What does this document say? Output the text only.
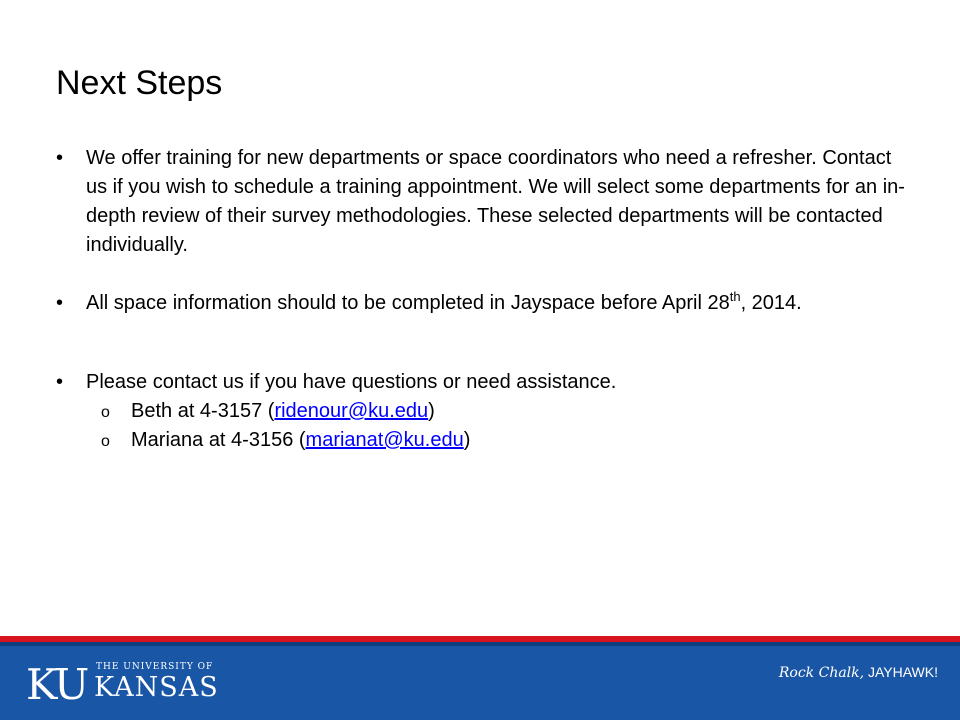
Next Steps
• We offer training for new departments or space coordinators who need a refresher. Contact us if you wish to schedule a training appointment. We will select some departments for an in-depth review of their survey methodologies. These selected departments will be contacted individually.
• All space information should to be completed in Jayspace before April 28th, 2014.
• Please contact us if you have questions or need assistance.
o Beth at 4-3157 (ridenour@ku.edu)
o Mariana at 4-3156 (marianat@ku.edu)
KU THE UNIVERSITY OF
KANSAS	Rock Chalk, JAYHAWK!
